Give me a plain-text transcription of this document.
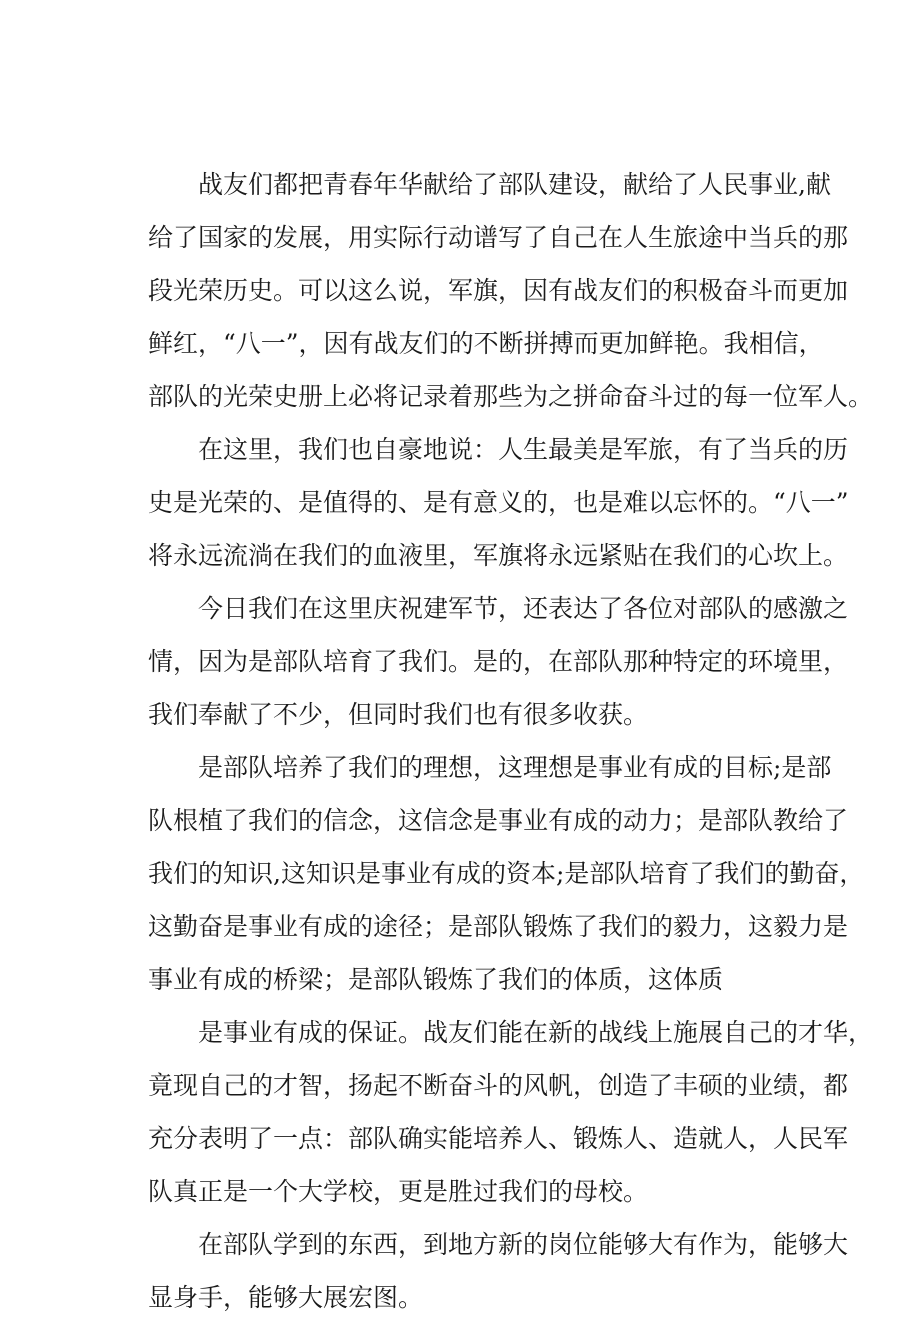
战友们都把青春年华献给了部队建设，献给了人民事业,献
给了国家的发展，用实际行动谱写了自己在人生旅途中当兵的那
段光荣历史。可以这么说，军旗，因有战友们的积极奋斗而更加
鲜红，“八一”，因有战友们的不断拼搏而更加鲜艳。我相信，
部队的光荣史册上必将记录着那些为之拼命奋斗过的每一位军人。
在这里，我们也自豪地说：人生最美是军旅，有了当兵的历
史是光荣的、是值得的、是有意义的，也是难以忘怀的。“八一”
将永远流淌在我们的血液里，军旗将永远紧贴在我们的心坎上。
今日我们在这里庆祝建军节，还表达了各位对部队的感激之
情，因为是部队培育了我们。是的，在部队那种特定的环境里，
我们奉献了不少，但同时我们也有很多收获。
是部队培养了我们的理想，这理想是事业有成的目标;是部
队根植了我们的信念，这信念是事业有成的动力；是部队教给了
我们的知识,这知识是事业有成的资本;是部队培育了我们的勤奋，
这勤奋是事业有成的途径；是部队锻炼了我们的毅力，这毅力是
事业有成的桥梁；是部队锻炼了我们的体质，这体质
是事业有成的保证。战友们能在新的战线上施展自己的才华，
竟现自己的才智，扬起不断奋斗的风帆，创造了丰硕的业绩，都
充分表明了一点：部队确实能培养人、锻炼人、造就人，人民军
队真正是一个大学校，更是胜过我们的母校。
在部队学到的东西，到地方新的岗位能够大有作为，能够大
显身手，能够大展宏图。
